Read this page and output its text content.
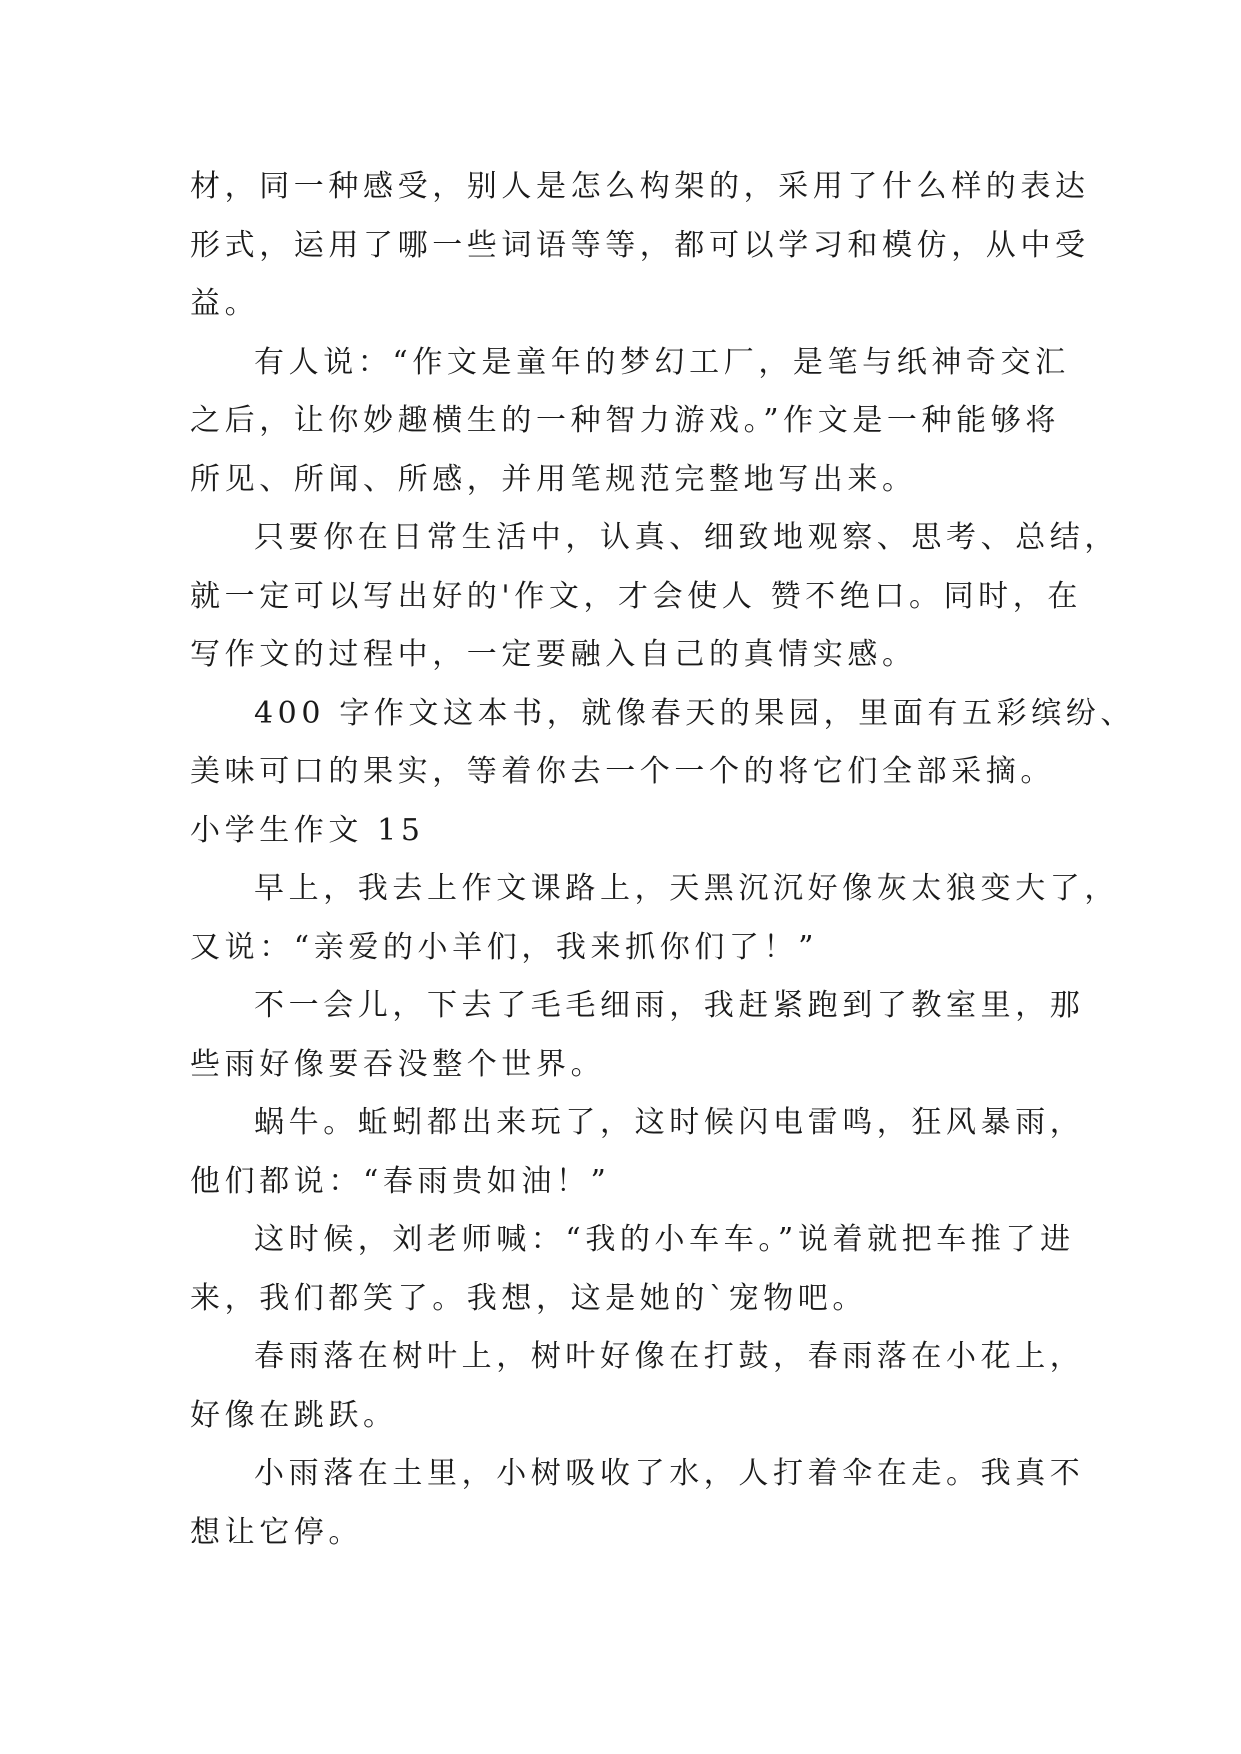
材，同一种感受，别人是怎么构架的，采用了什么样的表达
形式，运用了哪一些词语等等，都可以学习和模仿，从中受
益。
有人说：“作文是童年的梦幻工厂，是笔与纸神奇交汇
之后，让你妙趣横生的一种智力游戏。”作文是一种能够将
所见、所闻、所感，并用笔规范完整地写出来。
只要你在日常生活中，认真、细致地观察、思考、总结，
就一定可以写出好的'作文，才会使人 赞不绝口。同时，在
写作文的过程中，一定要融入自己的真情实感。
400 字作文这本书，就像春天的果园，里面有五彩缤纷、
美味可口的果实，等着你去一个一个的将它们全部采摘。
小学生作文 15
早上，我去上作文课路上，天黑沉沉好像灰太狼变大了，
又说：“亲爱的小羊们，我来抓你们了！”
不一会儿，下去了毛毛细雨，我赶紧跑到了教室里，那
些雨好像要吞没整个世界。
蜗牛。蚯蚓都出来玩了，这时候闪电雷鸣，狂风暴雨，
他们都说：“春雨贵如油！”
这时候，刘老师喊：“我的小车车。”说着就把车推了进
来，我们都笑了。我想，这是她的`宠物吧。
春雨落在树叶上，树叶好像在打鼓，春雨落在小花上，
好像在跳跃。
小雨落在土里，小树吸收了水，人打着伞在走。我真不
想让它停。
